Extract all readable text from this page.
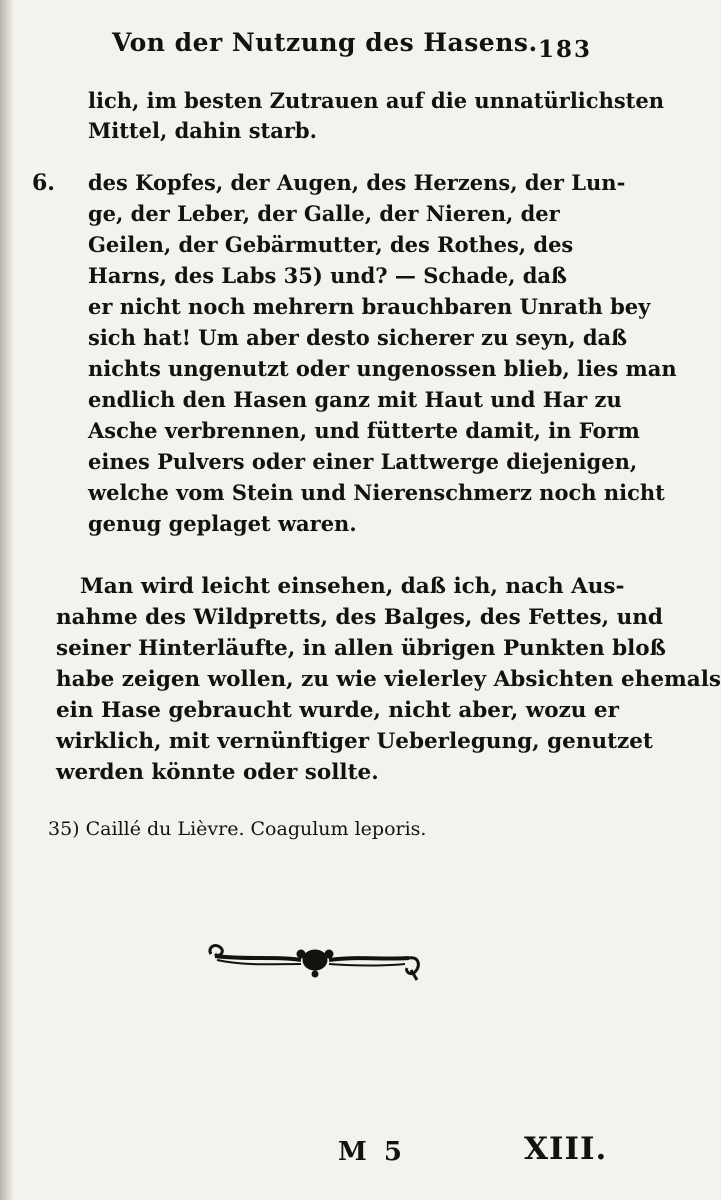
Von der Nutzung des Hasens. 183
lich, im besten Zutrauen auf die unnatürlichsten
Mittel, dahin starb.
6. des Kopfes, der Augen, des Herzens, der Lun-
ge, der Leber, der Galle, der Nieren, der
Geilen, der Gebärmutter, des Rothes, des
Harns, des Labs 35) und? — Schade, daß
er nicht noch mehrern brauchbaren Unrath bey
sich hat! Um aber desto sicherer zu seyn, daß
nichts ungenutzt oder ungenossen blieb, lies man
endlich den Hasen ganz mit Haut und Har zu
Asche verbrennen, und fütterte damit, in Form
eines Pulvers oder einer Lattwerge diejenigen,
welche vom Stein und Nierenschmerz noch nicht
genug geplaget waren.
Man wird leicht einsehen, daß ich, nach Aus-
nahme des Wildpretts, des Balges, des Fettes, und
seiner Hinterläufte, in allen übrigen Punkten bloß
habe zeigen wollen, zu wie vielerley Absichten ehemals
ein Hase gebraucht wurde, nicht aber, wozu er
wirklich, mit vernünftiger Ueberlegung, genutzet
werden könnte oder sollte.
35) Caillé du Lièvre. Coagulum leporis.
M 5	XIII.
